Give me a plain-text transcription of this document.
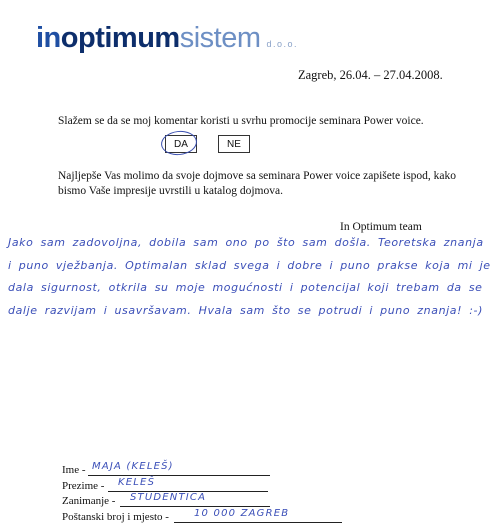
inoptimumsistem d.o.o.
Zagreb, 26.04. – 27.04.2008.
Slažem se da se moj komentar koristi u svrhu promocije seminara Power voice.
DA	NE
Najljepše Vas molimo da svoje dojmove sa seminara Power voice zapišete ispod, kako bismo Vaše impresije uvrstili u katalog dojmova.
In Optimum team
Jako sam zadovoljna, dobila sam ono po što sam došla. Teoretska znanja i puno vježbanja. Optimalan sklad svega i dobre i puno prakse koja mi je dala sigurnost, otkrila su moje mogućnosti i potencijal koji trebam da se dalje razvijam i usavršavam. Hvala sam što se potrudi i puno znanja! :-)
Ime - MAJA (KELEŠ)
Prezime - KELEŠ
Zanimanje - STUDENTICA
Poštanski broj i mjesto -	10 000 ZAGREB
